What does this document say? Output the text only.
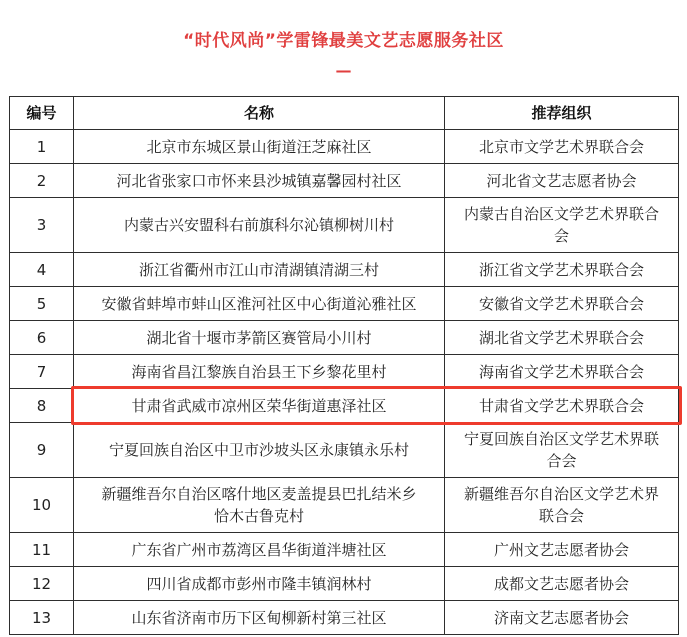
“时代风尚”学雷锋最美文艺志愿服务社区
—
编号	名称	推荐组织
1	北京市东城区景山街道汪芝麻社区	北京市文学艺术界联合会
2	河北省张家口市怀来县沙城镇嘉馨园村社区	河北省文艺志愿者协会
3	内蒙古兴安盟科右前旗科尔沁镇柳树川村	内蒙古自治区文学艺术界联合会
4	浙江省衢州市江山市清湖镇清湖三村	浙江省文学艺术界联合会
5	安徽省蚌埠市蚌山区淮河社区中心街道沁雅社区	安徽省文学艺术界联合会
6	湖北省十堰市茅箭区赛管局小川村	湖北省文学艺术界联合会
7	海南省昌江黎族自治县王下乡黎花里村	海南省文学艺术界联合会
8	甘肃省武威市凉州区荣华街道惠泽社区	甘肃省文学艺术界联合会
9	宁夏回族自治区中卫市沙坡头区永康镇永乐村	宁夏回族自治区文学艺术界联合会
10	新疆维吾尔自治区喀什地区麦盖提县巴扎结米乡恰木古鲁克村	新疆维吾尔自治区文学艺术界联合会
11	广东省广州市荔湾区昌华街道泮塘社区	广州文艺志愿者协会
12	四川省成都市彭州市隆丰镇润林村	成都文艺志愿者协会
13	山东省济南市历下区甸柳新村第三社区	济南文艺志愿者协会
